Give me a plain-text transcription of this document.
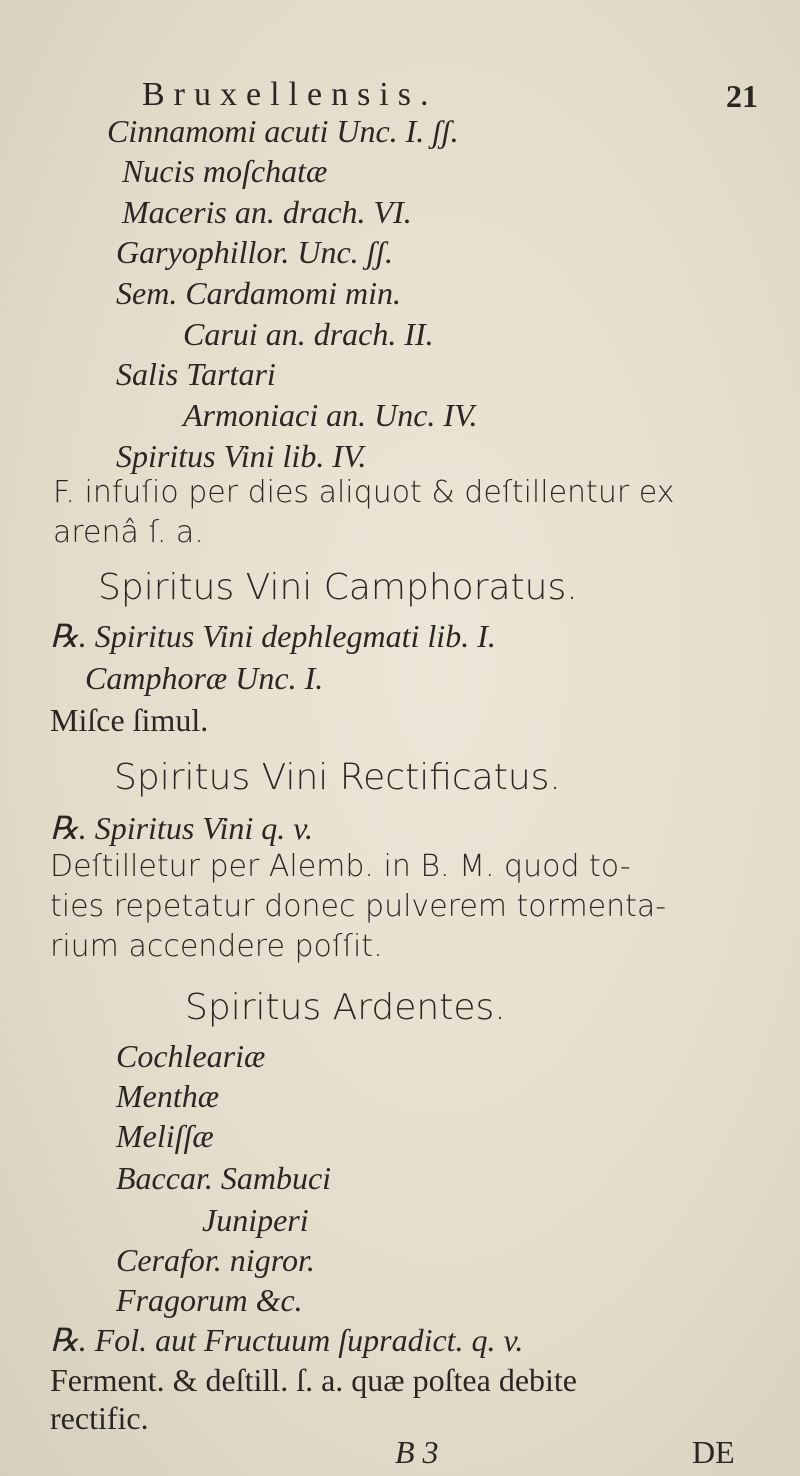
Bruxellensis.	21
Cinnamomi acuti Unc. I. ʃʃ.
Nucis moſchatæ
Maceris an. drach. VI.
Garyophillor. Unc. ʃʃ.
Sem. Cardamomi min.
Carui an. drach. II.
Salis Tartari
Armoniaci an. Unc. IV.
Spiritus Vini lib. IV.
F. infuſio per dies aliquot & deſtillentur ex
arenâ ſ. a.
Spiritus Vini Camphoratus.
℞. Spiritus Vini dephlegmati lib. I.
Camphoræ Unc. I.
Miſce ſimul.
Spiritus Vini Rectificatus.
℞. Spiritus Vini q. v.
Deſtilletur per Alemb. in B. M. quod to-
ties repetatur donec pulverem tormenta-
rium accendere poſſit.
Spiritus Ardentes.
Cochleariæ
Menthæ
Meliſſæ
Baccar. Sambuci
Juniperi
Cerafor. nigror.
Fragorum &c.
℞. Fol. aut Fructuum ſupradict. q. v.
Ferment. & deſtill. ſ. a. quæ poſtea debite
rectific.
B 3	DE
